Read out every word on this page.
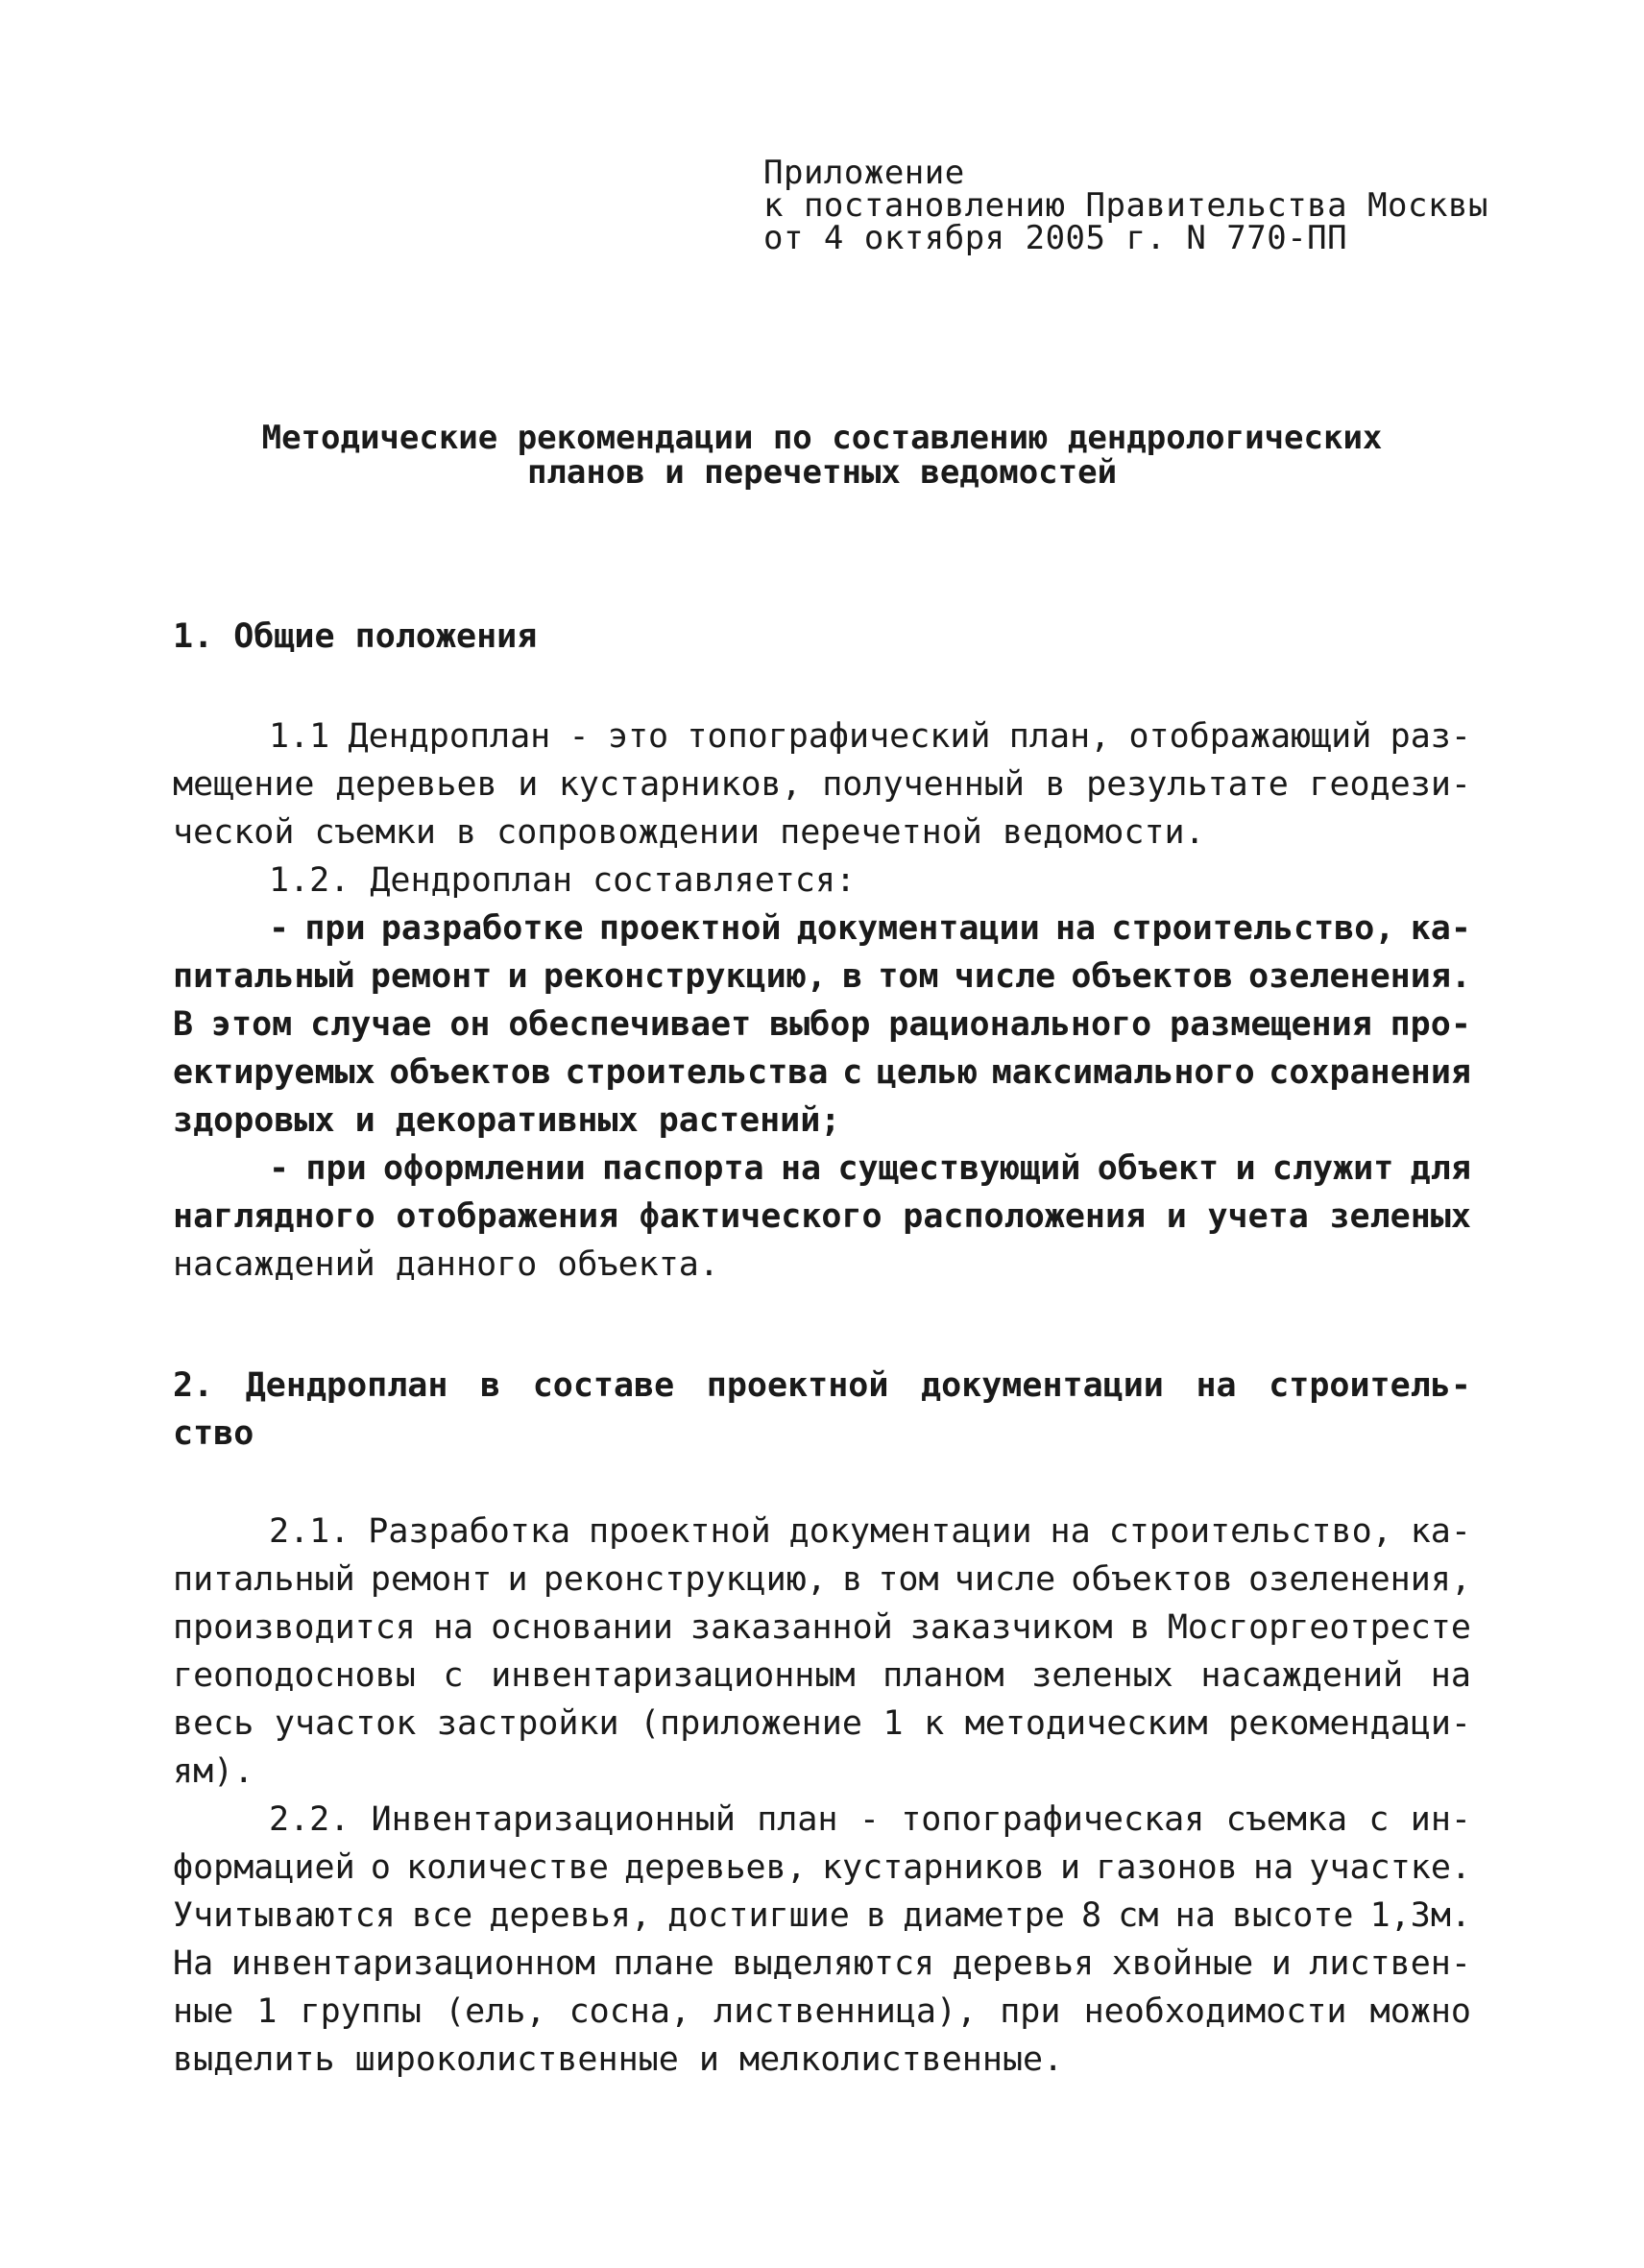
Приложение
к постановлению Правительства Москвы
от 4 октября 2005 г. N 770-ПП
Методические рекомендации по составлению дендрологических
планов и перечетных ведомостей
1. Общие положения
1.1 Дендроплан - это топографический план, отображающий раз-
мещение деревьев и кустарников, полученный в результате геодези-
ческой съемки в сопровождении перечетной ведомости.
1.2. Дендроплан составляется:
- при разработке проектной документации на строительство, ка-
питальный ремонт и реконструкцию, в том числе объектов озеленения.
В этом случае он обеспечивает выбор рационального размещения про-
ектируемых объектов строительства с целью максимального сохранения
здоровых и декоративных растений;
- при оформлении паспорта на существующий объект и служит для
наглядного отображения фактического расположения и учета зеленых
насаждений данного объекта.
2. Дендроплан в составе проектной документации на строитель-
ство
2.1. Разработка проектной документации на строительство, ка-
питальный ремонт и реконструкцию, в том числе объектов озеленения,
производится на основании заказанной заказчиком в Мосгоргеотресте
геоподосновы с инвентаризационным планом зеленых насаждений на
весь участок застройки (приложение 1 к методическим рекомендаци-
ям).
2.2. Инвентаризационный план - топографическая съемка с ин-
формацией о количестве деревьев, кустарников и газонов на участке.
Учитываются все деревья, достигшие в диаметре 8 см на высоте 1,3м.
На инвентаризационном плане выделяются деревья хвойные и листвен-
ные 1 группы (ель, сосна, лиственница), при необходимости можно
выделить широколиственные и мелколиственные.
